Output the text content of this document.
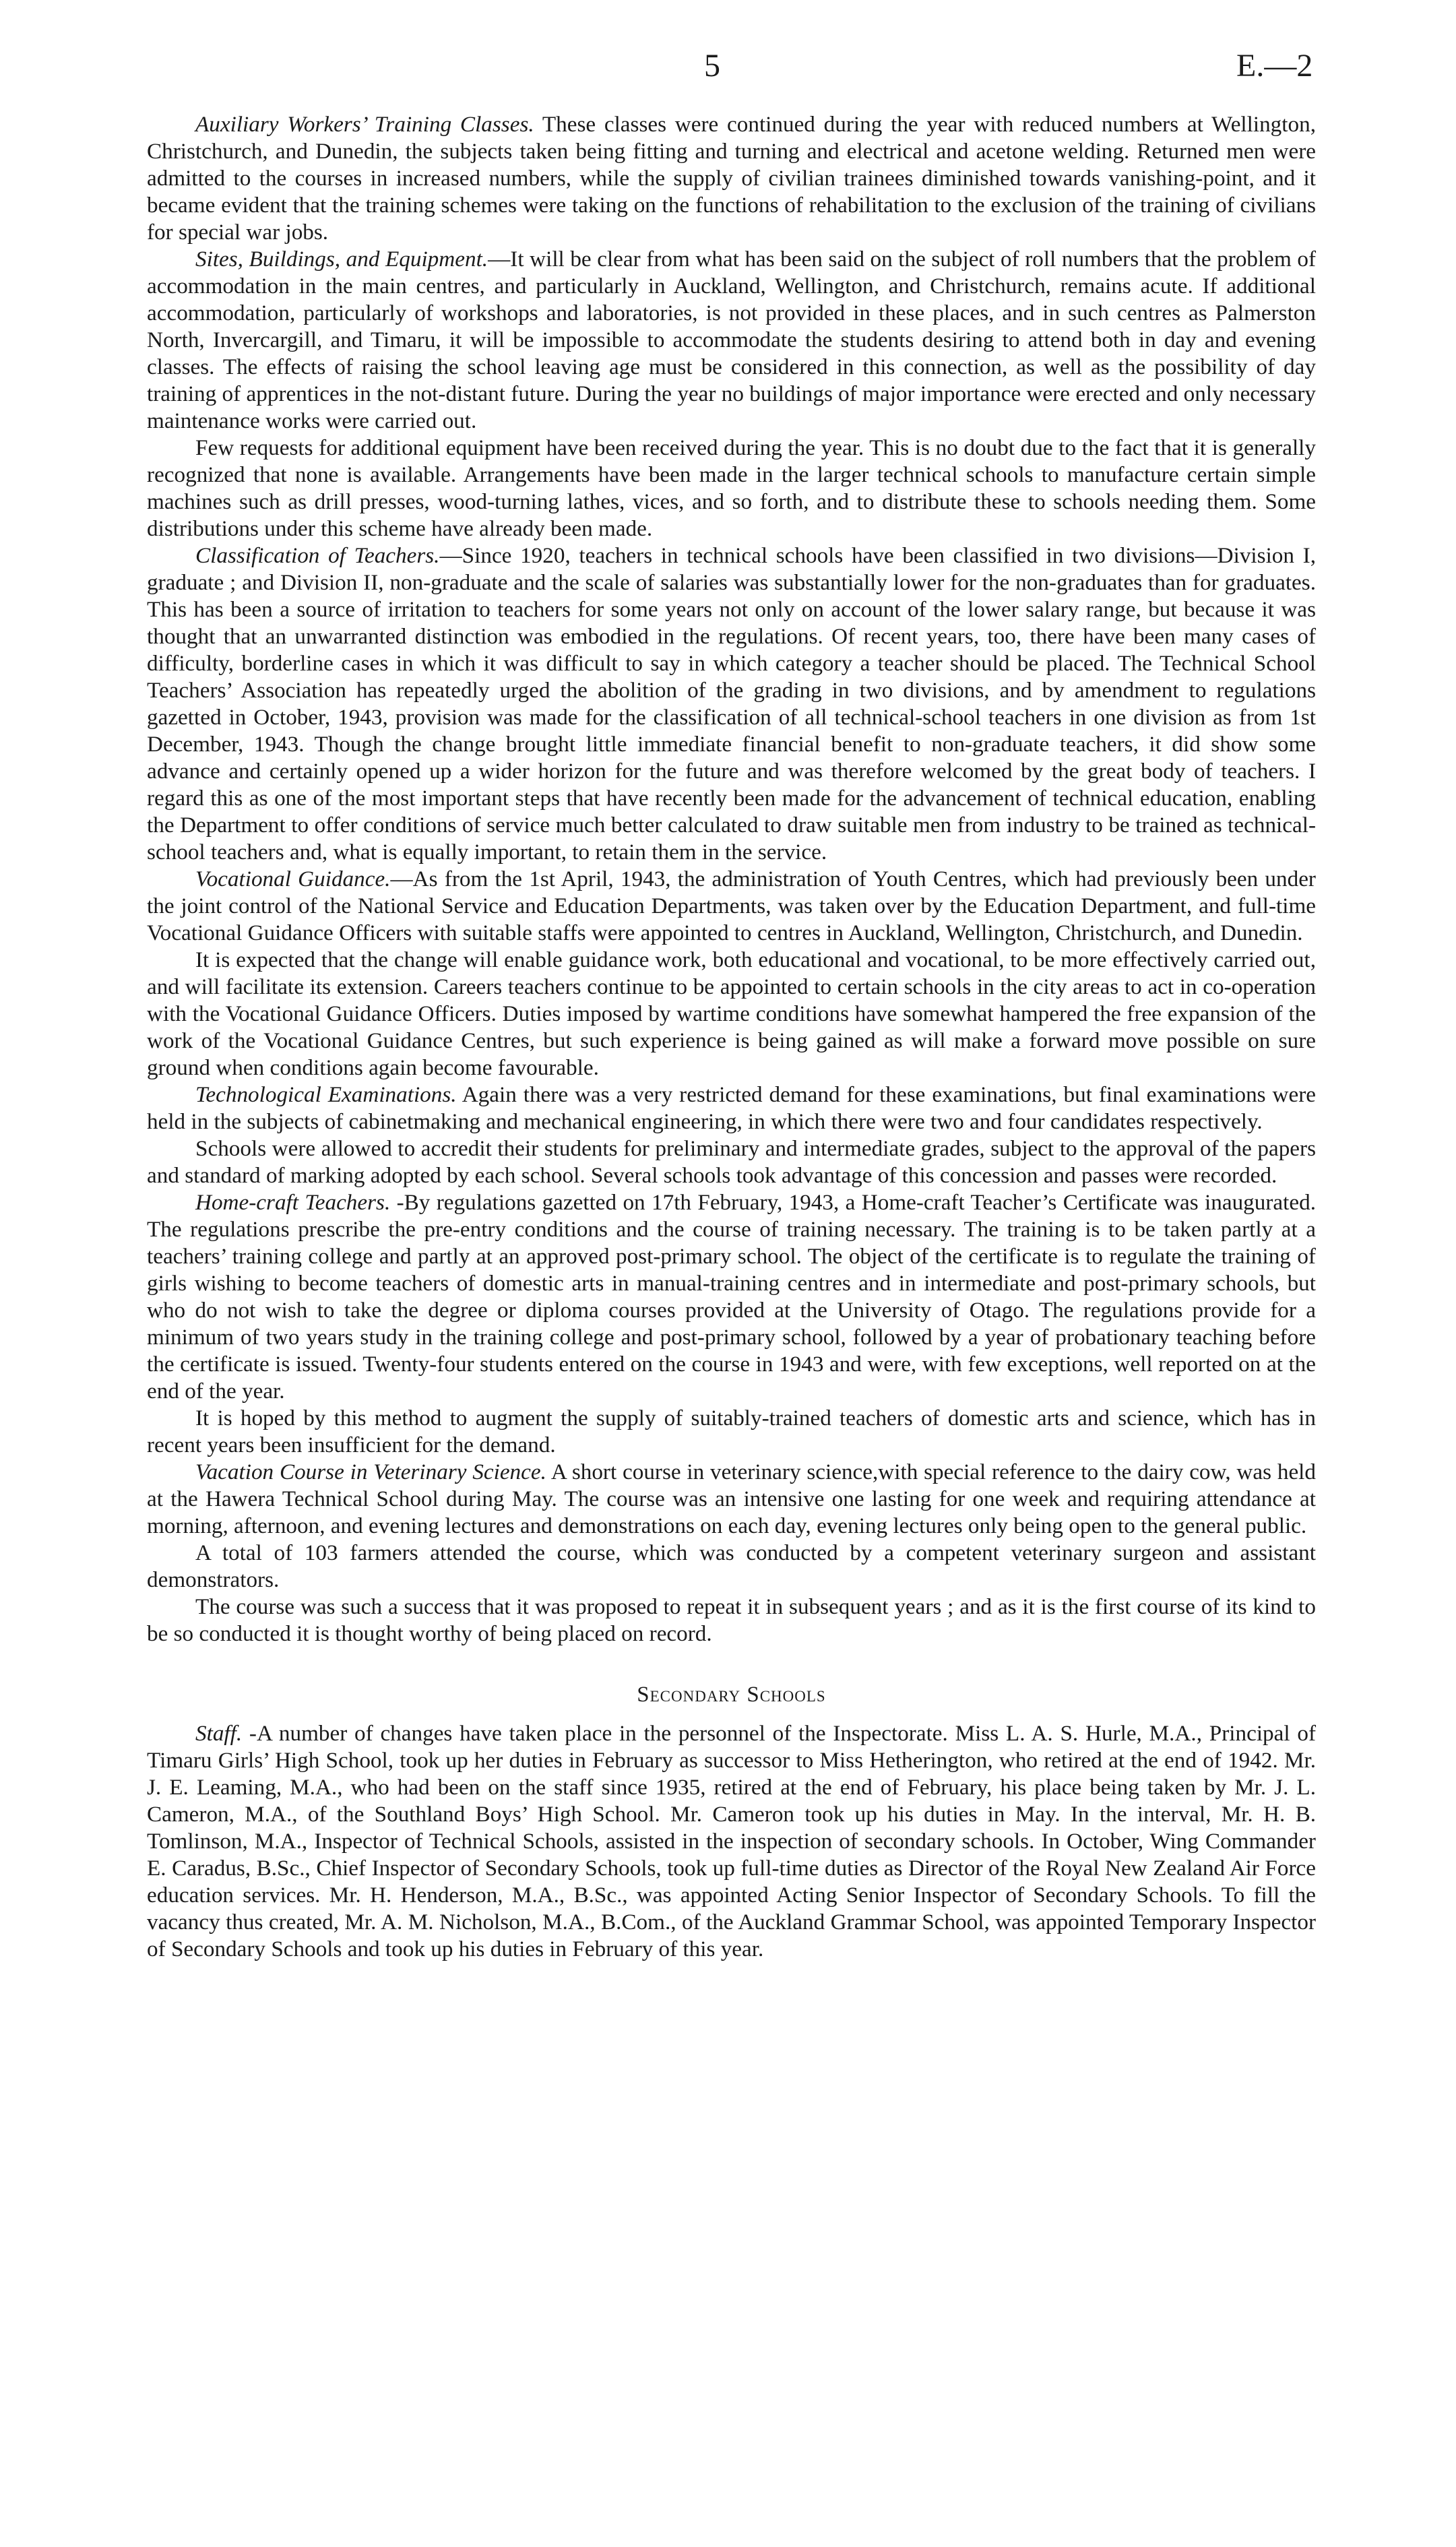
5	E.—2

Auxiliary Workers’ Training Classes. These classes were continued during the year with reduced numbers at Wellington, Christchurch, and Dunedin, the subjects taken being fitting and turning and electrical and acetone welding. Returned men were admitted to the courses in increased numbers, while the supply of civilian trainees diminished towards vanishing-point, and it became evident that the training schemes were taking on the functions of rehabilitation to the exclusion of the training of civilians for special war jobs.

Sites, Buildings, and Equipment.—It will be clear from what has been said on the subject of roll numbers that the problem of accommodation in the main centres, and particularly in Auckland, Wellington, and Christchurch, remains acute. If additional accommodation, particularly of workshops and laboratories, is not provided in these places, and in such centres as Palmerston North, Invercargill, and Timaru, it will be impossible to accommodate the students desiring to attend both in day and evening classes. The effects of raising the school leaving age must be considered in this connection, as well as the possibility of day training of apprentices in the not-distant future. During the year no buildings of major importance were erected and only necessary maintenance works were carried out.

Few requests for additional equipment have been received during the year. This is no doubt due to the fact that it is generally recognized that none is available. Arrangements have been made in the larger technical schools to manufacture certain simple machines such as drill presses, wood-turning lathes, vices, and so forth, and to distribute these to schools needing them. Some distributions under this scheme have already been made.

Classification of Teachers.—Since 1920, teachers in technical schools have been classified in two divisions—Division I, graduate ; and Division II, non-graduate and the scale of salaries was substantially lower for the non-graduates than for graduates. This has been a source of irritation to teachers for some years not only on account of the lower salary range, but because it was thought that an unwarranted distinction was embodied in the regulations. Of recent years, too, there have been many cases of difficulty, borderline cases in which it was difficult to say in which category a teacher should be placed. The Technical School Teachers’ Association has repeatedly urged the abolition of the grading in two divisions, and by amendment to regulations gazetted in October, 1943, provision was made for the classification of all technical-school teachers in one division as from 1st December, 1943. Though the change brought little immediate financial benefit to non-graduate teachers, it did show some advance and certainly opened up a wider horizon for the future and was therefore welcomed by the great body of teachers. I regard this as one of the most important steps that have recently been made for the advancement of technical education, enabling the Department to offer conditions of service much better calculated to draw suitable men from industry to be trained as technical-school teachers and, what is equally important, to retain them in the service.

Vocational Guidance.—As from the 1st April, 1943, the administration of Youth Centres, which had previously been under the joint control of the National Service and Education Departments, was taken over by the Education Department, and full-time Vocational Guidance Officers with suitable staffs were appointed to centres in Auckland, Wellington, Christchurch, and Dunedin.

It is expected that the change will enable guidance work, both educational and vocational, to be more effectively carried out, and will facilitate its extension. Careers teachers continue to be appointed to certain schools in the city areas to act in co-operation with the Vocational Guidance Officers. Duties imposed by wartime conditions have somewhat hampered the free expansion of the work of the Vocational Guidance Centres, but such experience is being gained as will make a forward move possible on sure ground when conditions again become favourable.

Technological Examinations. Again there was a very restricted demand for these examinations, but final examinations were held in the subjects of cabinetmaking and mechanical engineering, in which there were two and four candidates respectively.

Schools were allowed to accredit their students for preliminary and intermediate grades, subject to the approval of the papers and standard of marking adopted by each school. Several schools took advantage of this concession and passes were recorded.

Home-craft Teachers. -By regulations gazetted on 17th February, 1943, a Home-craft Teacher’s Certificate was inaugurated. The regulations prescribe the pre-entry conditions and the course of training necessary. The training is to be taken partly at a teachers’ training college and partly at an approved post-primary school. The object of the certificate is to regulate the training of girls wishing to become teachers of domestic arts in manual-training centres and in intermediate and post-primary schools, but who do not wish to take the degree or diploma courses provided at the University of Otago. The regulations provide for a minimum of two years study in the training college and post-primary school, followed by a year of probationary teaching before the certificate is issued. Twenty-four students entered on the course in 1943 and were, with few exceptions, well reported on at the end of the year.

It is hoped by this method to augment the supply of suitably-trained teachers of domestic arts and science, which has in recent years been insufficient for the demand.

Vacation Course in Veterinary Science. A short course in veterinary science,with special reference to the dairy cow, was held at the Hawera Technical School during May. The course was an intensive one lasting for one week and requiring attendance at morning, afternoon, and evening lectures and demonstrations on each day, evening lectures only being open to the general public.

A total of 103 farmers attended the course, which was conducted by a competent veterinary surgeon and assistant demonstrators.

The course was such a success that it was proposed to repeat it in subsequent years ; and as it is the first course of its kind to be so conducted it is thought worthy of being placed on record.

Secondary Schools

Staff. -A number of changes have taken place in the personnel of the Inspectorate. Miss L. A. S. Hurle, M.A., Principal of Timaru Girls’ High School, took up her duties in February as successor to Miss Hetherington, who retired at the end of 1942. Mr. J. E. Leaming, M.A., who had been on the staff since 1935, retired at the end of February, his place being taken by Mr. J. L. Cameron, M.A., of the Southland Boys’ High School. Mr. Cameron took up his duties in May. In the interval, Mr. H. B. Tomlinson, M.A., Inspector of Technical Schools, assisted in the inspection of secondary schools. In October, Wing Commander E. Caradus, B.Sc., Chief Inspector of Secondary Schools, took up full-time duties as Director of the Royal New Zealand Air Force education services. Mr. H. Henderson, M.A., B.Sc., was appointed Acting Senior Inspector of Secondary Schools. To fill the vacancy thus created, Mr. A. M. Nicholson, M.A., B.Com., of the Auckland Grammar School, was appointed Temporary Inspector of Secondary Schools and took up his duties in February of this year.
